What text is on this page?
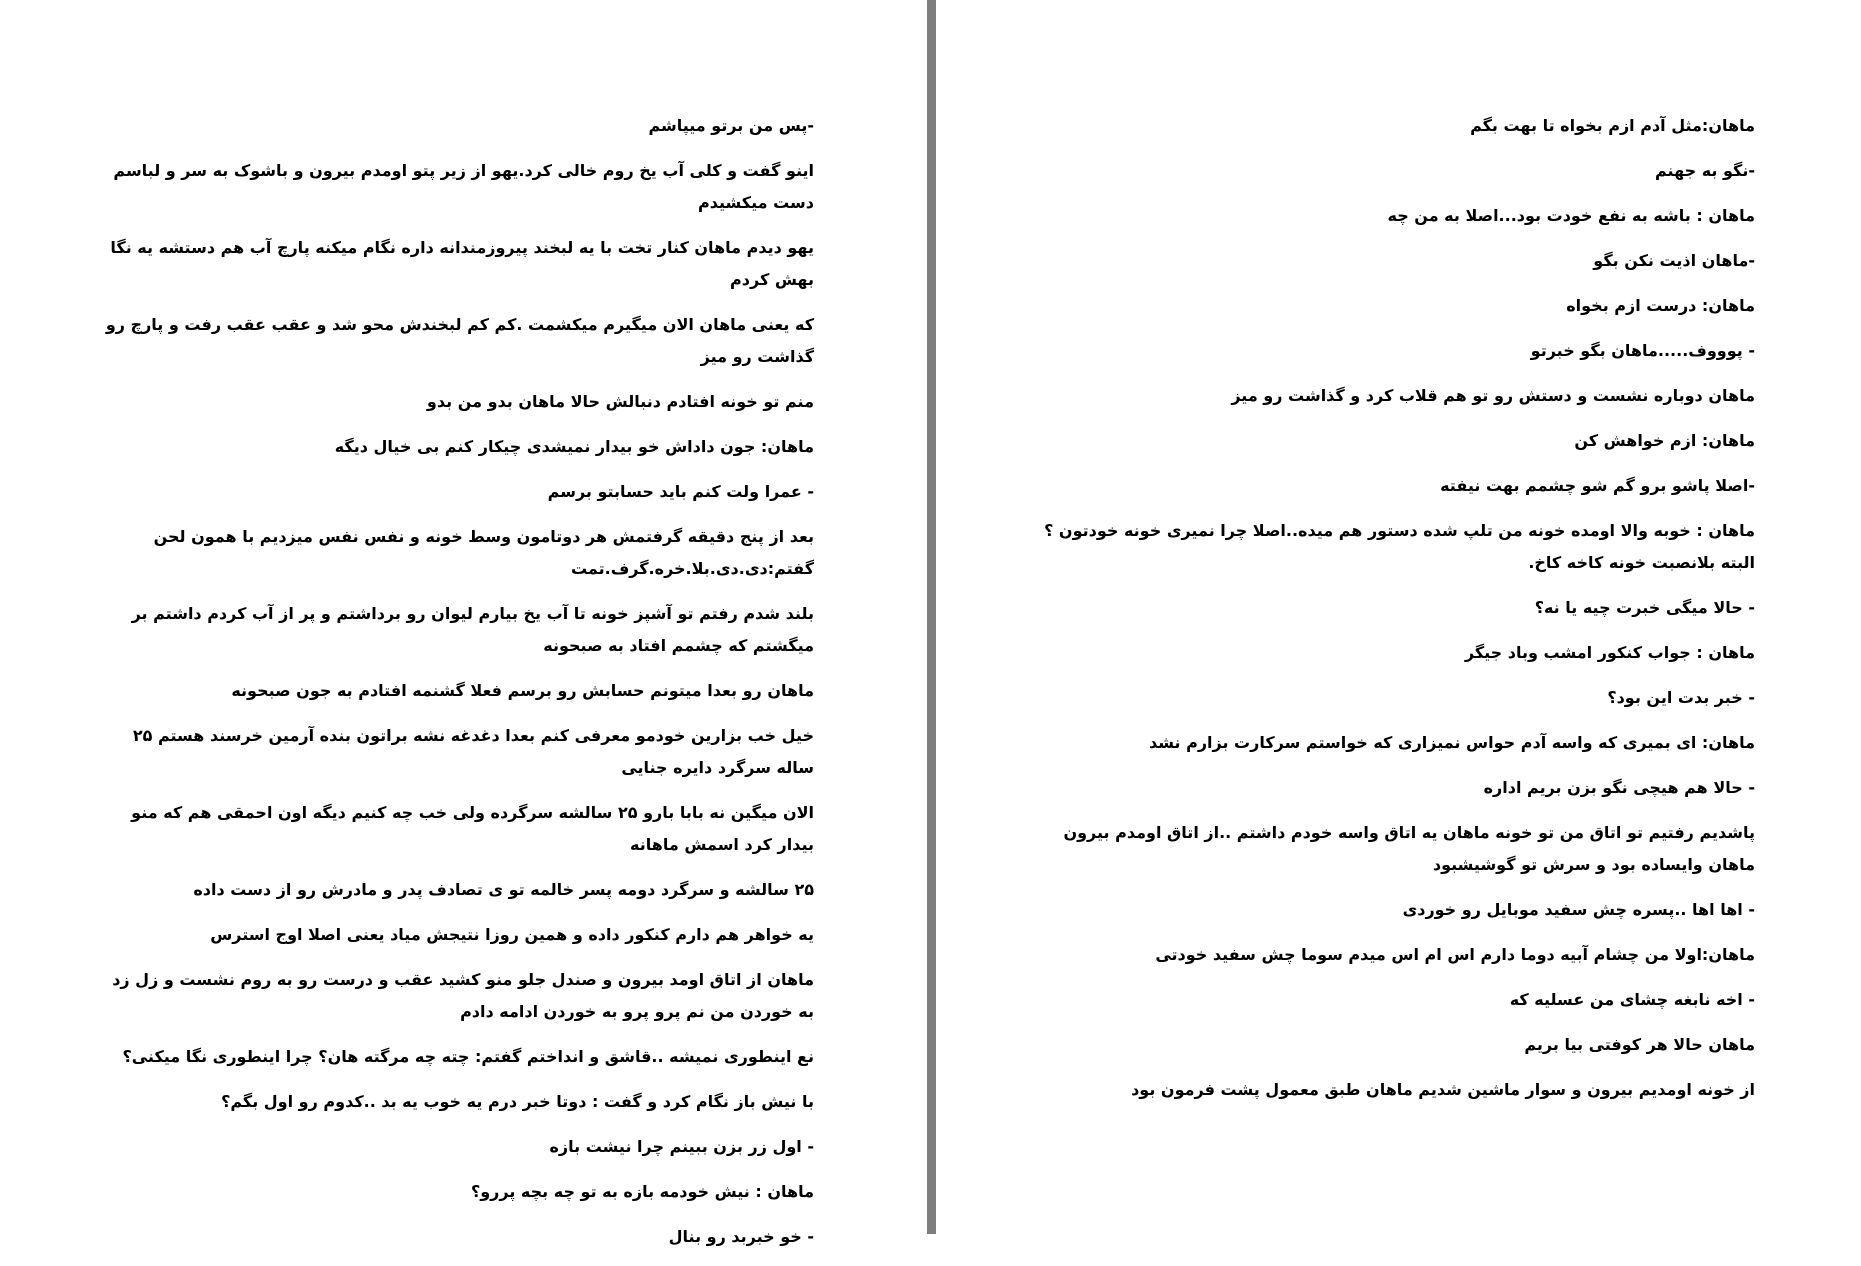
-پس من برتو میپاشم

اینو گفت و کلی آب یخ روم خالی کرد.یهو از زیر پتو اومدم بیرون و باشوک به سر و لباسم دست میکشیدم

یهو دیدم ماهان کنار تخت با یه لبخند پیروزمندانه داره نگام میکنه پارچ آب هم دستشه یه نگا بهش کردم

که یعنی ماهان الان میگیرم میکشمت .کم کم لبخندش محو شد و عقب عقب رفت و پارچ رو گذاشت رو میز

منم تو خونه افتادم دنبالش حالا ماهان بدو من بدو

ماهان: جون داداش خو بیدار نمیشدی چیکار کنم بی خیال دیگه

- عمرا ولت کنم باید حسابتو برسم

بعد از پنج دقیقه گرفتمش هر دوتامون وسط خونه و نفس نفس میزدیم با همون لحن گفتم:دی.دی.بلا.خره.گرف.تمت

بلند شدم رفتم تو آشپز خونه تا آب یخ بیارم لیوان رو برداشتم و پر از آب کردم داشتم بر میگشتم که چشمم افتاد به صبحونه

ماهان رو بعدا میتونم حسابش رو برسم فعلا گشنمه افتادم به جون صبحونه

خیل خب بزارین خودمو معرفی کنم بعدا دغدغه نشه براتون بنده آرمین خرسند هستم ۲۵ ساله سرگرد دایره جنایی

الان میگین نه بابا بارو ۲۵ سالشه سرگرده ولی خب چه کنیم دیگه اون احمقی هم که منو بیدار کرد اسمش ماهانه

۲۵ سالشه و سرگرد دومه پسر خالمه تو ی تصادف پدر و مادرش رو از دست داده

یه خواهر هم دارم کنکور داده و همین روزا نتیجش میاد یعنی اصلا اوج استرس

ماهان از اتاق اومد بیرون و صندل جلو منو کشید عقب و درست رو به روم نشست و زل زد به خوردن من نم پرو پرو به خوردن ادامه دادم

نع اینطوری نمیشه ..قاشق و انداختم گفتم: چته چه مرگته هان؟ چرا اینطوری نگا میکنی؟

با نیش باز نگام کرد و گفت : دوتا خبر درم یه خوب یه بد ..کدوم رو اول بگم؟

- اول زر بزن ببینم چرا نیشت بازه

ماهان : نیش خودمه بازه به تو چه بچه پررو؟

- خو خبربد رو بنال

ماهان:مثل آدم ازم بخواه تا بهت بگم

-نگو به جهنم

ماهان : باشه به نفع خودت بود...اصلا به من چه

-ماهان اذیت نکن بگو

ماهان: درست ازم بخواه

- پوووف.....ماهان بگو خبرتو

ماهان دوباره نشست و دستش رو تو هم قلاب کرد و گذاشت رو میز

ماهان: ازم خواهش کن

-اصلا پاشو برو گم شو چشمم بهت نیفته

ماهان : خوبه والا اومده خونه من تلپ شده دستور هم میده..اصلا چرا نمیری خونه خودتون ؟ البته بلانصبت خونه کاخه کاخ.

- حالا میگی خبرت چیه یا نه؟

ماهان : جواب کنکور امشب وباد جیگر

- خبر بدت این بود؟

ماهان: ای بمیری که واسه آدم حواس نمیزاری که خواستم سرکارت بزارم نشد

- حالا هم هیچی نگو بزن بریم اداره

پاشدیم رفتیم تو اتاق من تو خونه ماهان یه اتاق واسه خودم داشتم ..از اتاق اومدم بیرون ماهان وایساده بود و سرش تو گوشیشبود

- اها اها ..پسره چش سفید موبایل رو خوردی

ماهان:اولا من چشام آبیه دوما دارم اس ام اس میدم سوما چش سفید خودتی

- اخه نابغه چشای من عسلیه که

ماهان حالا هر کوفتی بیا بریم

از خونه اومدیم بیرون و سوار ماشین شدیم ماهان طبق معمول پشت فرمون بود
